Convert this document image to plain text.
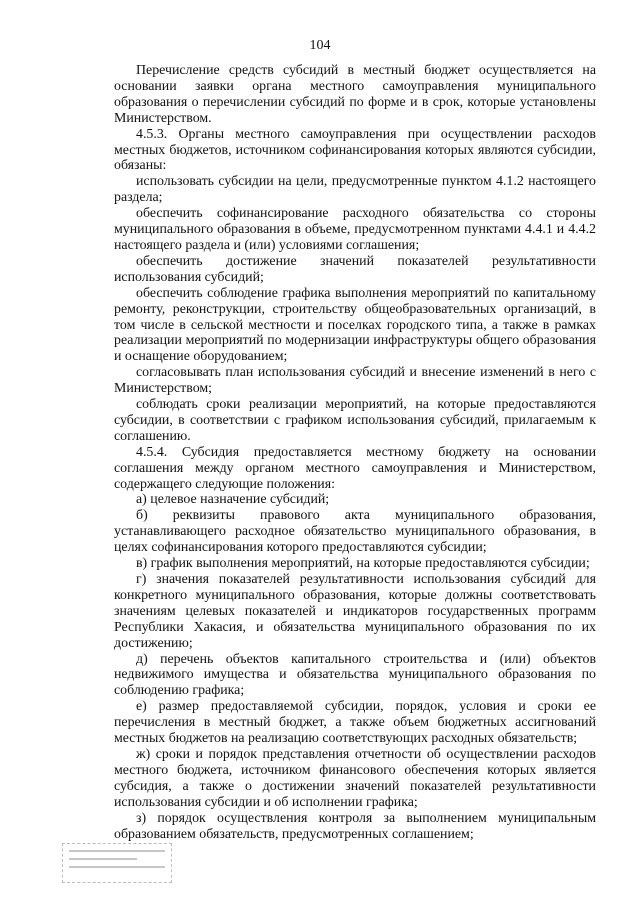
104

Перечисление средств субсидий в местный бюджет осуществляется на основании заявки органа местного самоуправления муниципального образования о перечислении субсидий по форме и в срок, которые установлены Министерством.

4.5.3. Органы местного самоуправления при осуществлении расходов местных бюджетов, источником софинансирования которых являются субсидии, обязаны:

использовать субсидии на цели, предусмотренные пунктом 4.1.2 настоящего раздела;

обеспечить софинансирование расходного обязательства со стороны муниципального образования в объеме, предусмотренном пунктами 4.4.1 и 4.4.2 настоящего раздела и (или) условиями соглашения;

обеспечить достижение значений показателей результативности использования субсидий;

обеспечить соблюдение графика выполнения мероприятий по капитальному ремонту, реконструкции, строительству общеобразовательных организаций, в том числе в сельской местности и поселках городского типа, а также в рамках реализации мероприятий по модернизации инфраструктуры общего образования и оснащение оборудованием;

согласовывать план использования субсидий и внесение изменений в него с Министерством;

соблюдать сроки реализации мероприятий, на которые предоставляются субсидии, в соответствии с графиком использования субсидий, прилагаемым к соглашению.

4.5.4. Субсидия предоставляется местному бюджету на основании соглашения между органом местного самоуправления и Министерством, содержащего следующие положения:

а) целевое назначение субсидий;

б) реквизиты правового акта муниципального образования, устанавливающего расходное обязательство муниципального образования, в целях софинансирования которого предоставляются субсидии;

в) график выполнения мероприятий, на которые предоставляются субсидии;

г) значения показателей результативности использования субсидий для конкретного муниципального образования, которые должны соответствовать значениям целевых показателей и индикаторов государственных программ Республики Хакасия, и обязательства муниципального образования по их достижению;

д) перечень объектов капитального строительства и (или) объектов недвижимого имущества и обязательства муниципального образования по соблюдению графика;

е) размер предоставляемой субсидии, порядок, условия и сроки ее перечисления в местный бюджет, а также объем бюджетных ассигнований местных бюджетов на реализацию соответствующих расходных обязательств;

ж) сроки и порядок представления отчетности об осуществлении расходов местного бюджета, источником финансового обеспечения которых является субсидия, а также о достижении значений показателей результативности использования субсидии и об исполнении графика;

з) порядок осуществления контроля за выполнением муниципальным образованием обязательств, предусмотренных соглашением;
